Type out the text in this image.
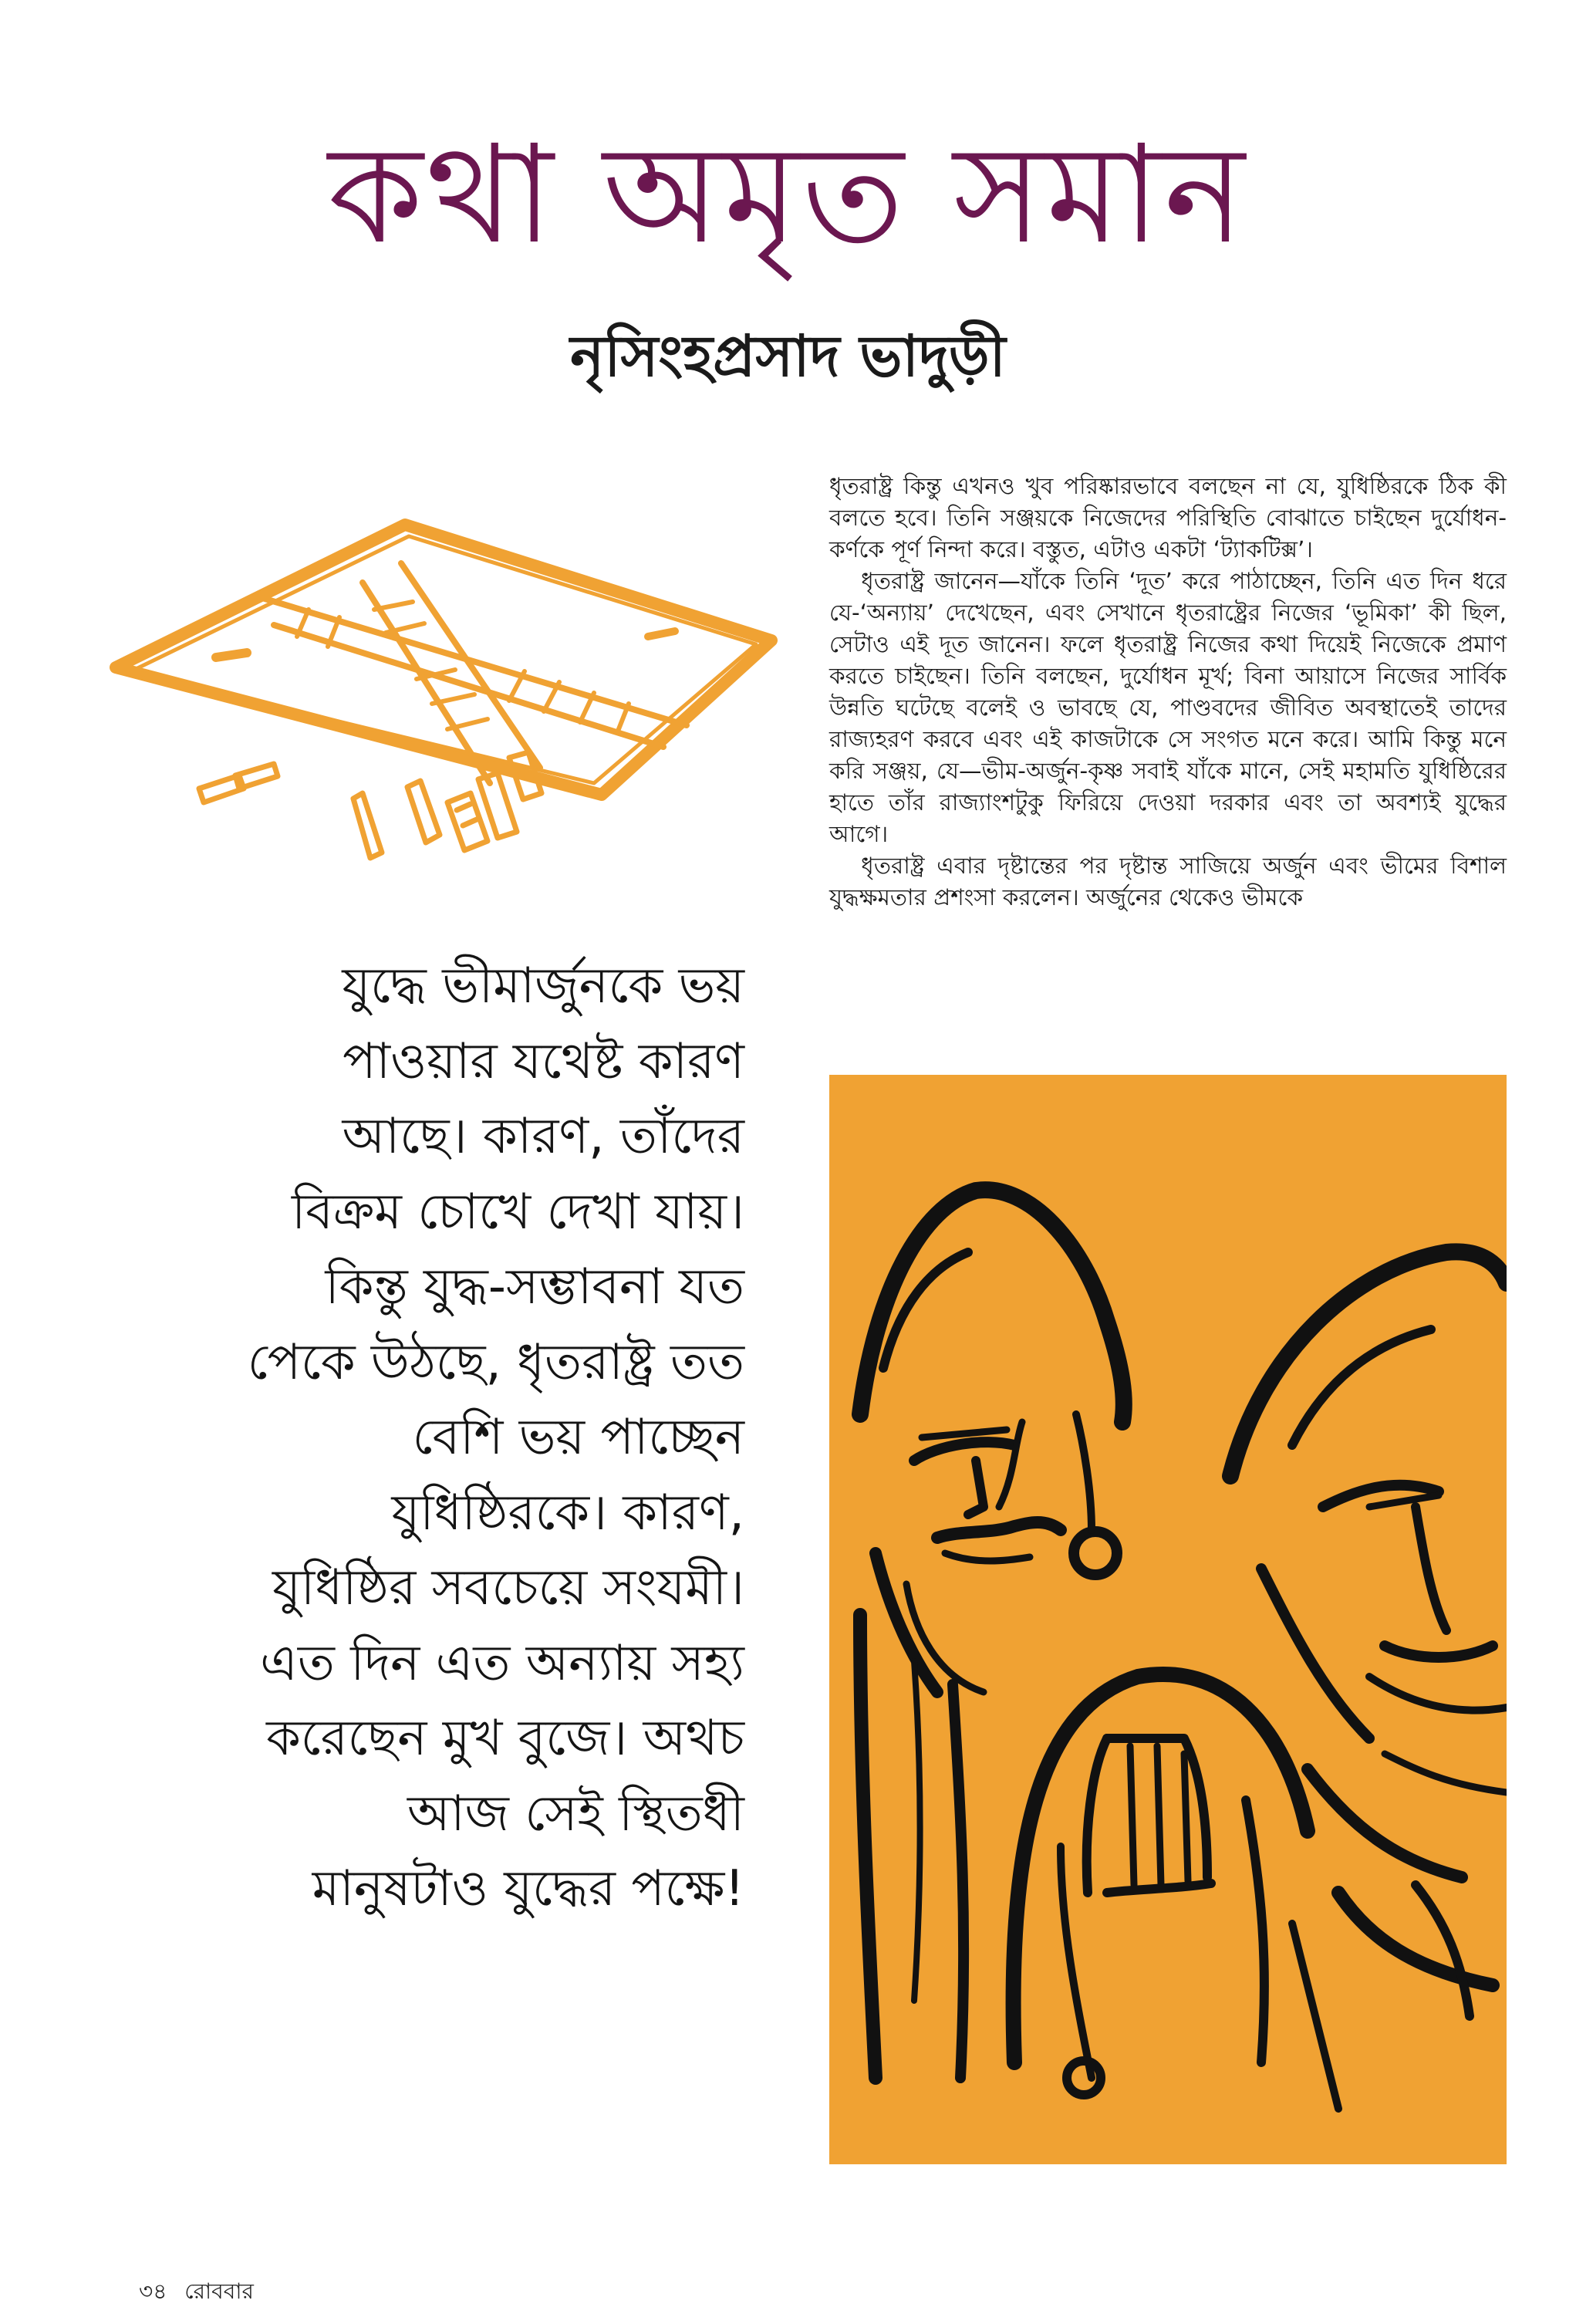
কথা অমৃত সমান
নৃসিংহপ্রসাদ ভাদুড়ী

ধৃতরাষ্ট্র কিন্তু এখনও খুব পরিষ্কারভাবে বলছেন না যে, যুধিষ্ঠিরকে ঠিক কী বলতে হবে। তিনি সঞ্জয়কে নিজেদের পরিস্থিতি বোঝাতে চাইছেন দুর্যোধন-কর্ণকে পূর্ণ নিন্দা করে। বস্তুত, এটাও একটা ‘ট্যাকটিক্স’।

ধৃতরাষ্ট্র জানেন—যাঁকে তিনি ‘দূত’ করে পাঠাচ্ছেন, তিনি এত দিন ধরে যে-‘অন্যায়’ দেখেছেন, এবং সেখানে ধৃতরাষ্ট্রের নিজের ‘ভূমিকা’ কী ছিল, সেটাও এই দূত জানেন। ফলে ধৃতরাষ্ট্র নিজের কথা দিয়েই নিজেকে প্রমাণ করতে চাইছেন। তিনি বলছেন, দুর্যোধন মূর্খ; বিনা আয়াসে নিজের সার্বিক উন্নতি ঘটেছে বলেই ও ভাবছে যে, পাণ্ডবদের জীবিত অবস্থাতেই তাদের রাজ্যহরণ করবে এবং এই কাজটাকে সে সংগত মনে করে। আমি কিন্তু মনে করি সঞ্জয়, যে—ভীম-অর্জুন-কৃষ্ণ সবাই যাঁকে মানে, সেই মহামতি যুধিষ্ঠিরের হাতে তাঁর রাজ্যাংশটুকু ফিরিয়ে দেওয়া দরকার এবং তা অবশ্যই যুদ্ধের আগে।

ধৃতরাষ্ট্র এবার দৃষ্টান্তের পর দৃষ্টান্ত সাজিয়ে অর্জুন এবং ভীমের বিশাল যুদ্ধক্ষমতার প্রশংসা করলেন। অর্জুনের থেকেও ভীমকে

যুদ্ধে ভীমার্জুনকে ভয়
পাওয়ার যথেষ্ট কারণ
আছে। কারণ, তাঁদের
বিক্রম চোখে দেখা যায়।
কিন্তু যুদ্ধ-সম্ভাবনা যত
পেকে উঠছে, ধৃতরাষ্ট্র তত
বেশি ভয় পাচ্ছেন
যুধিষ্ঠিরকে। কারণ,
যুধিষ্ঠির সবচেয়ে সংযমী।
এত দিন এত অন্যায় সহ্য
করেছেন মুখ বুজে। অথচ
আজ সেই স্থিতধী
মানুষটাও যুদ্ধের পক্ষে!
৩৪ রোববার
